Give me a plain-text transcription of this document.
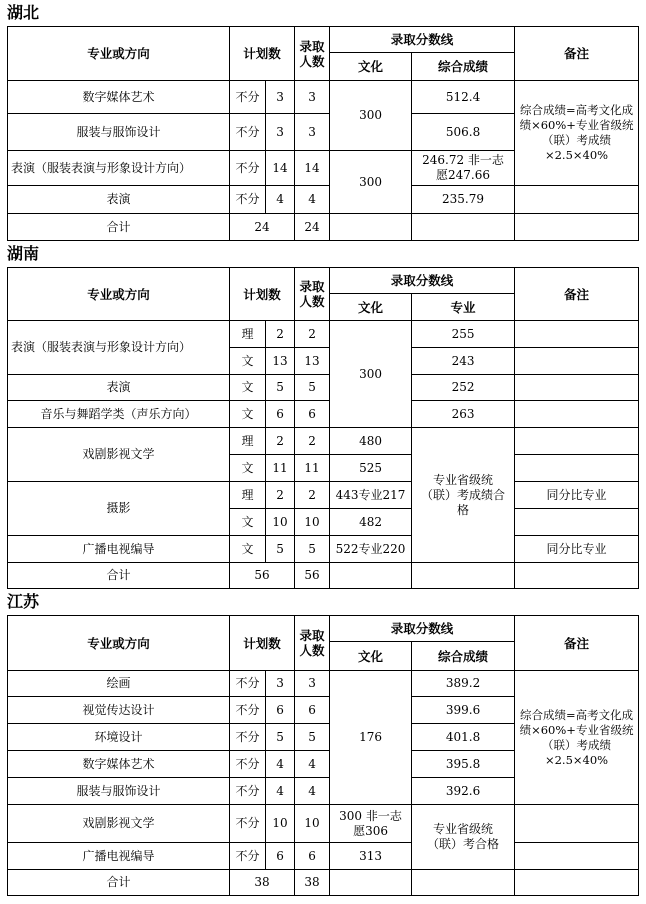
湖北
专业或方向	计划数		录取人数	录取分数线		备注
				文化	综合成绩	
数字媒体艺术	不分	3	3	300	512.4	综合成绩=高考文化成绩×60%+专业省级统（联）考成绩×2.5×40%
服装与服饰设计	不分	3	3		506.8	
表演（服装表演与形象设计方向）	不分	14	14	300	246.72 非一志愿247.66	
表演	不分	4	4		235.79	
合计	24		24			
湖南
专业或方向	计划数		录取人数	录取分数线		备注
				文化	专业	
表演（服装表演与形象设计方向）	理	2	2	300	255	
	文	13	13		243	
表演	文	5	5		252	
音乐与舞蹈学类（声乐方向）	文	6	6		263	
戏剧影视文学	理	2	2	480	专业省级统（联）考成绩合格	
	文	11	11	525		
摄影	理	2	2	443专业217		同分比专业
	文	10	10	482		
广播电视编导	文	5	5	522专业220		同分比专业
合计	56		56			
江苏
专业或方向	计划数		录取人数	录取分数线		备注
				文化	综合成绩	
绘画	不分	3	3	176	389.2	综合成绩=高考文化成绩×60%+专业省级统（联）考成绩×2.5×40%
视觉传达设计	不分	6	6		399.6	
环境设计	不分	5	5		401.8	
数字媒体艺术	不分	4	4		395.8	
服装与服饰设计	不分	4	4		392.6	
戏剧影视文学	不分	10	10	300 非一志愿306	专业省级统（联）考合格	
广播电视编导	不分	6	6	313		
合计	38		38			
